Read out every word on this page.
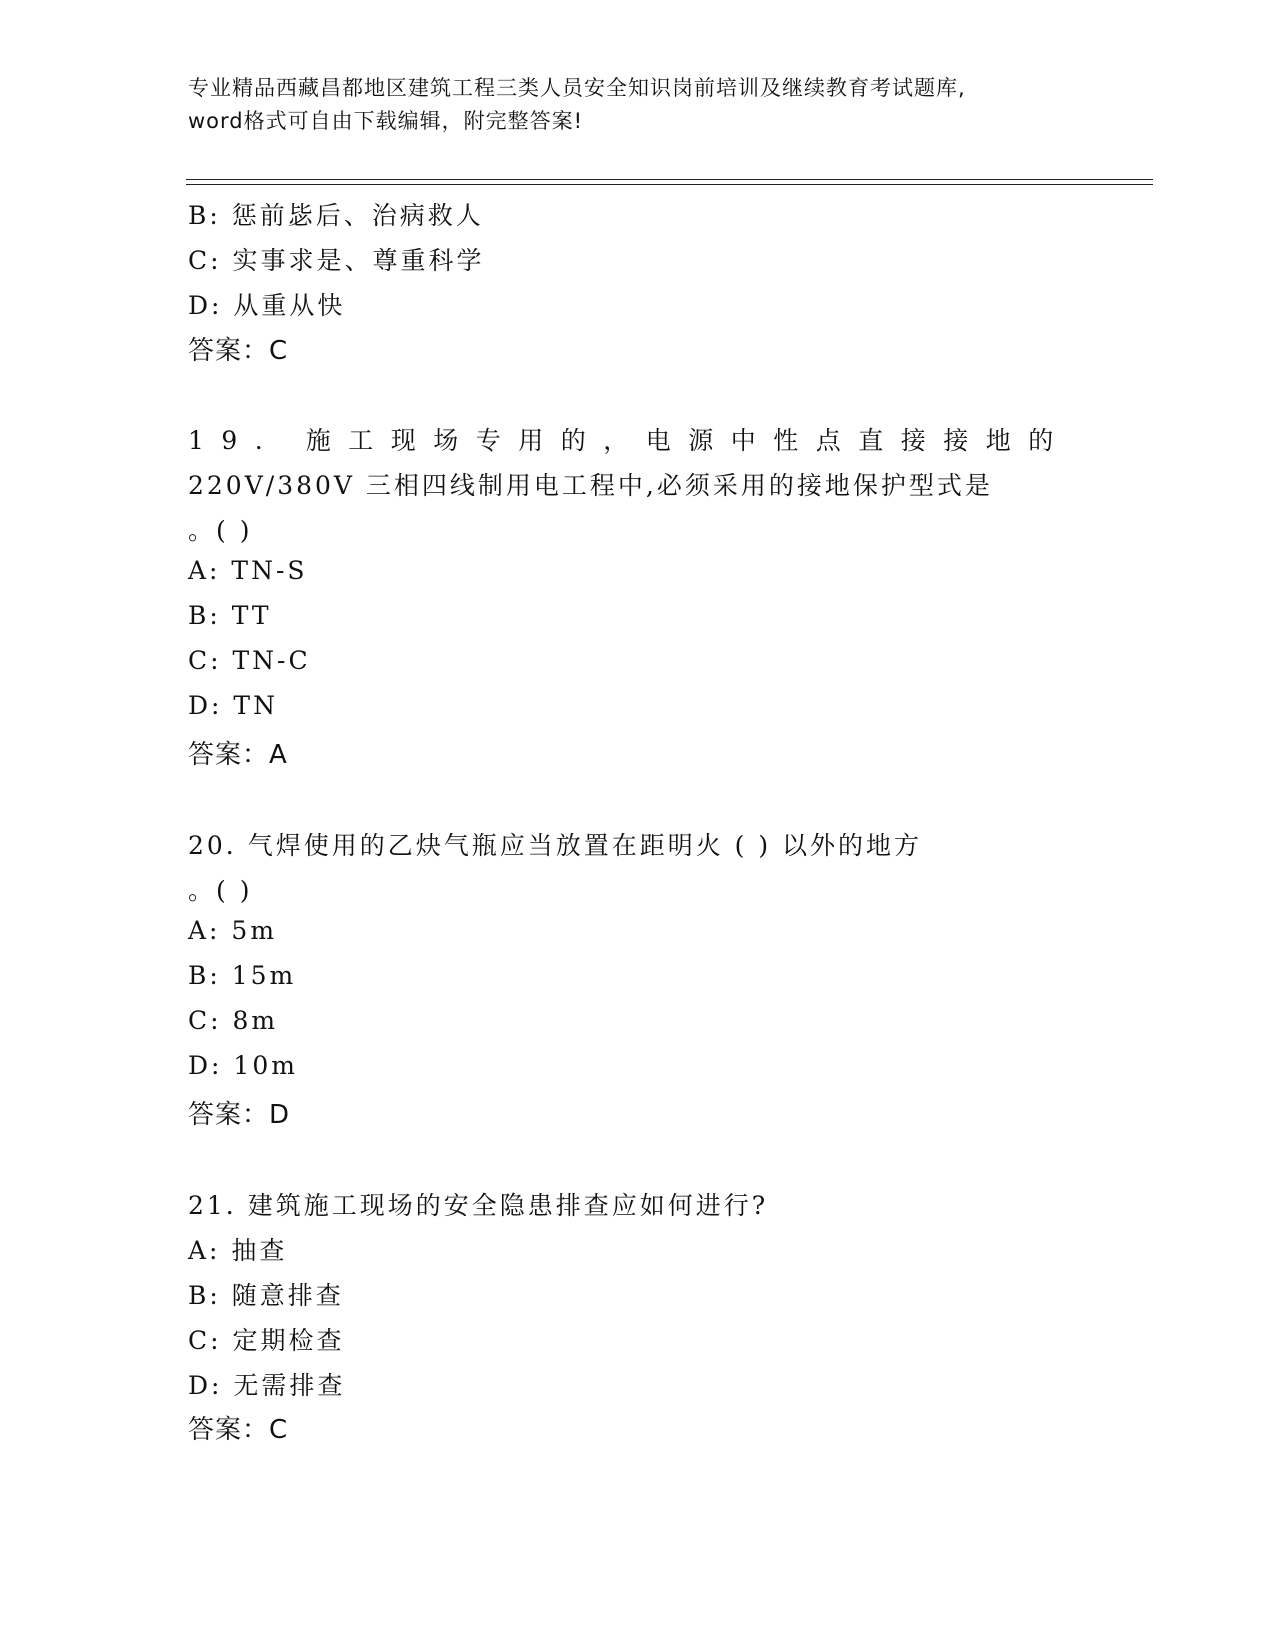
专业精品西藏昌都地区建筑工程三类人员安全知识岗前培训及继续教育考试题库,
word格式可自由下载编辑，附完整答案!
B: 惩前毖后、治病救人
C: 实事求是、尊重科学
D: 从重从快
答案：C
19. 施工现场专用的，电源中性点直接接地的
220V/380V 三相四线制用电工程中,必须采用的接地保护型式是
。( )
A: TN-S
B: TT
C: TN-C
D: TN
答案：A
20. 气焊使用的乙炔气瓶应当放置在距明火 ( ) 以外的地方
。( )
A: 5m
B: 15m
C: 8m
D: 10m
答案：D
21. 建筑施工现场的安全隐患排查应如何进行?
A: 抽查
B: 随意排查
C: 定期检查
D: 无需排查
答案：C
